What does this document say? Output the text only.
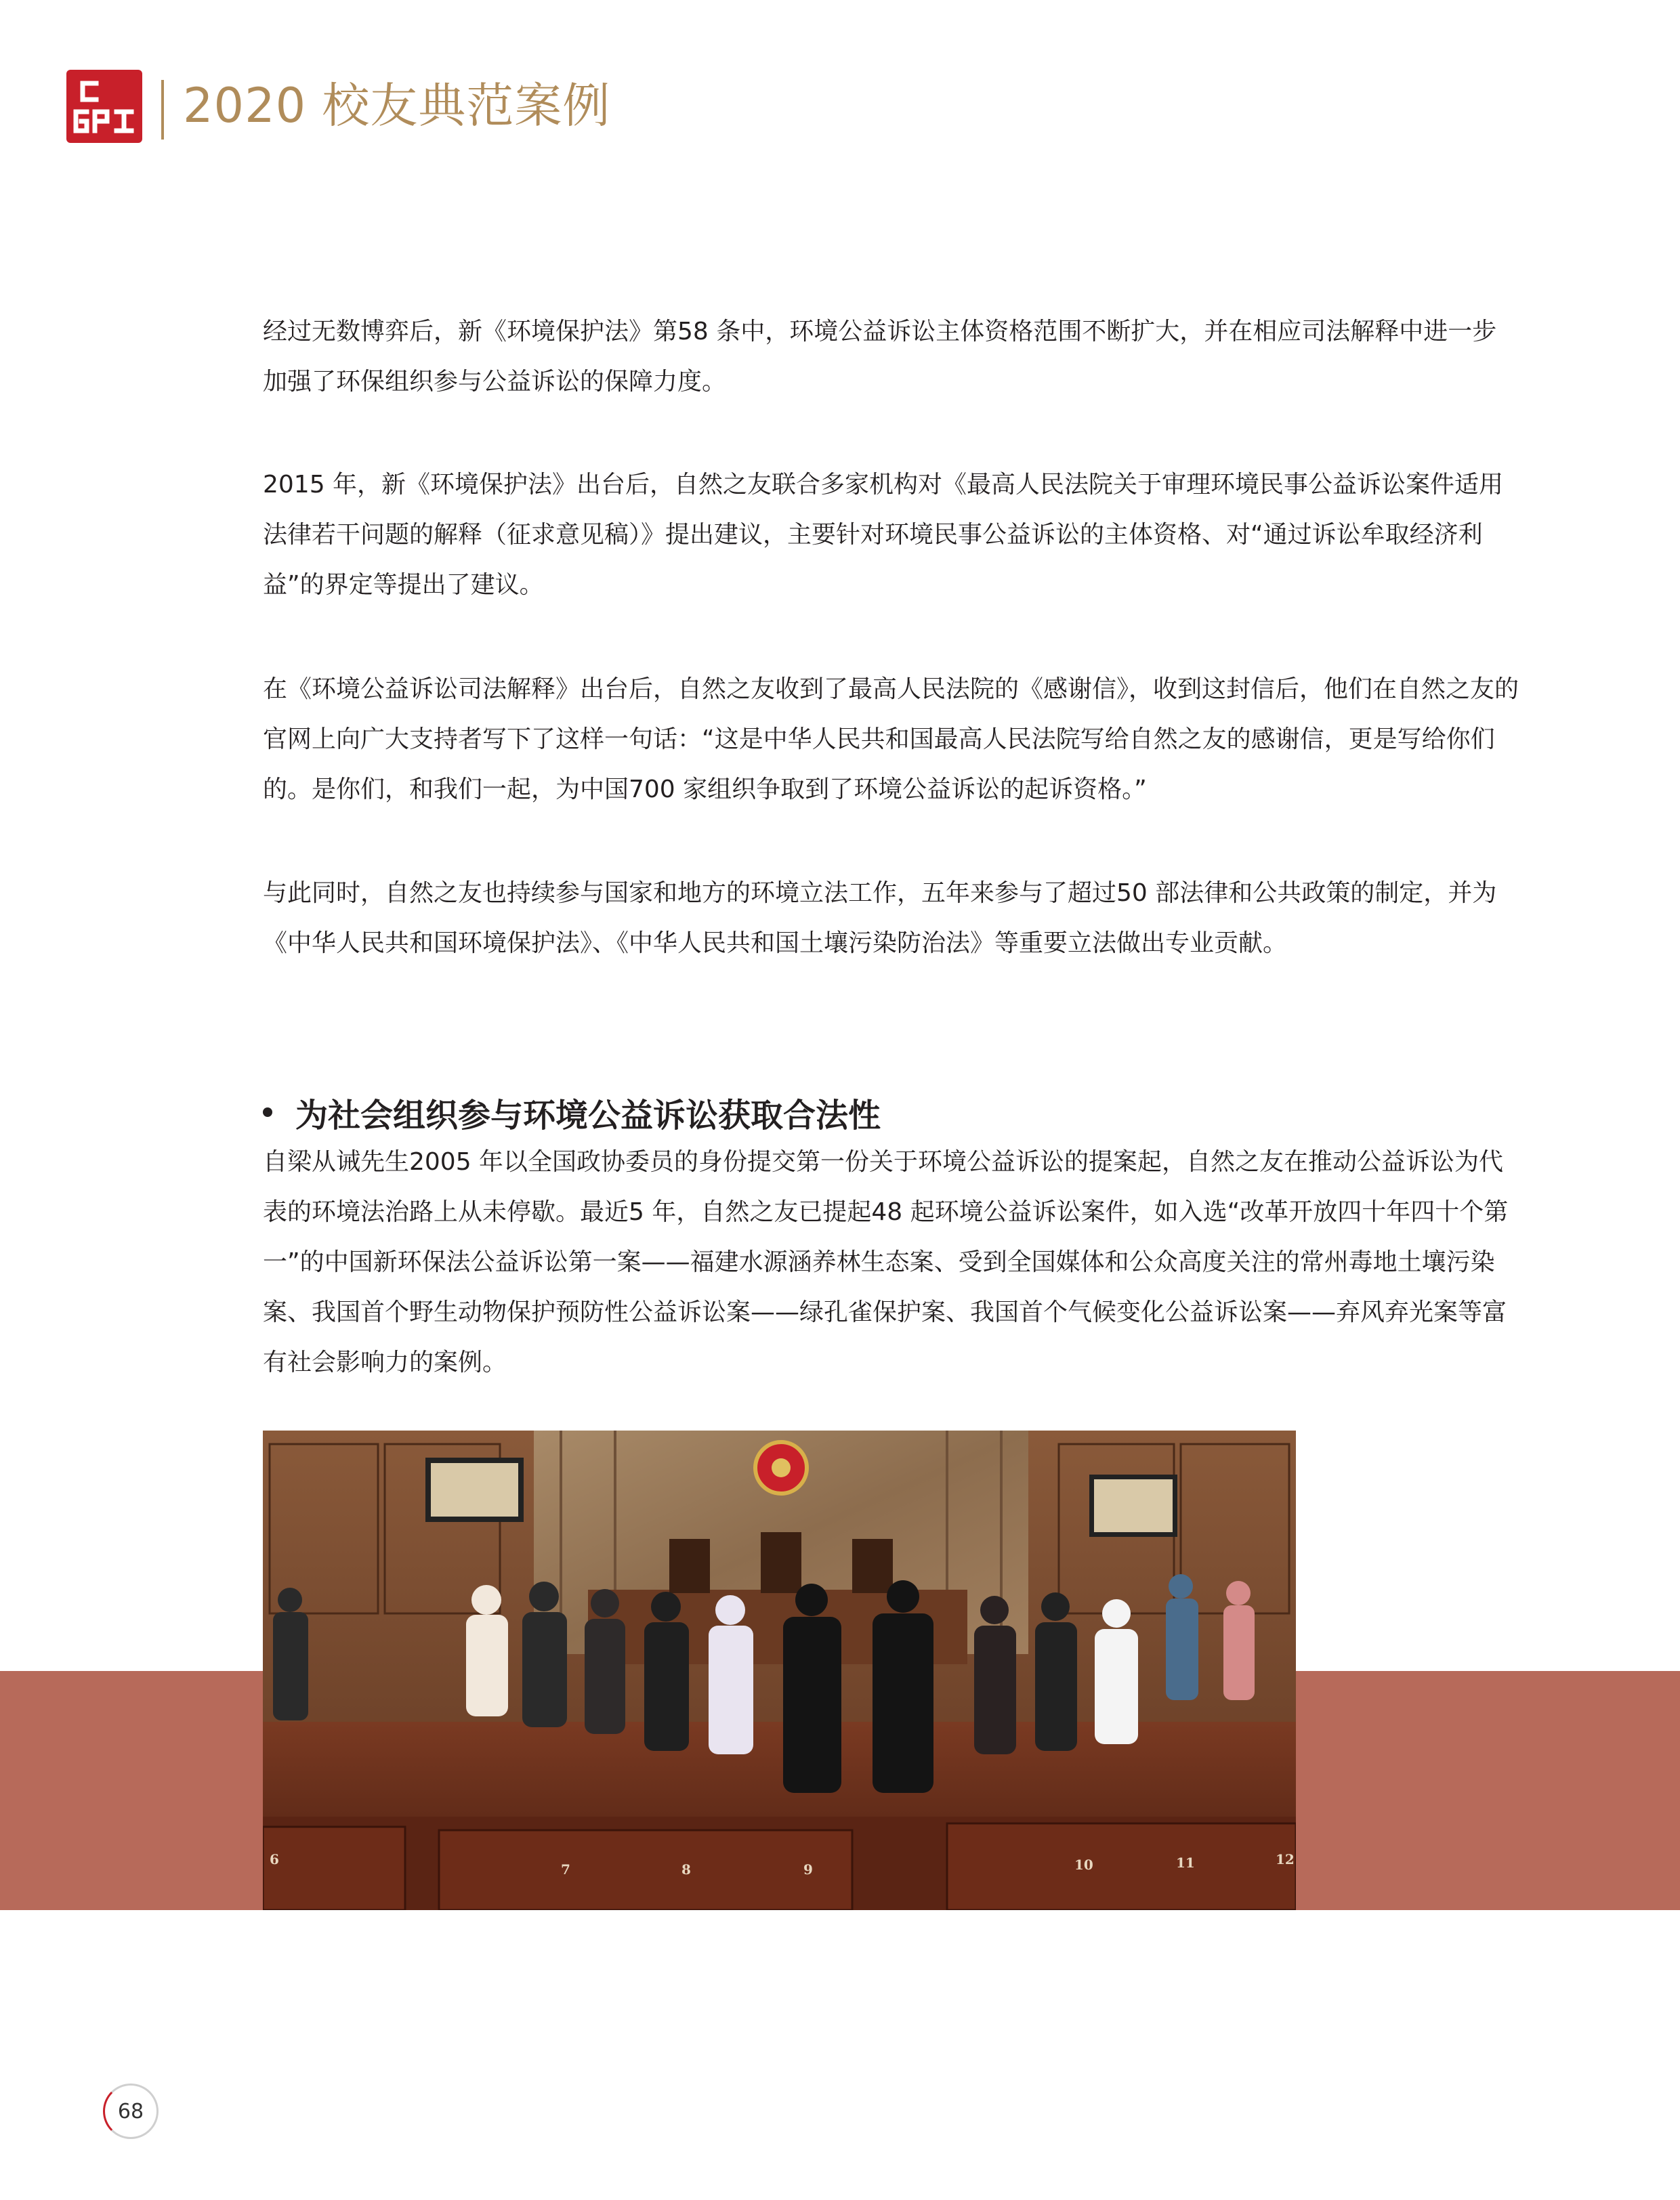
2020 校友典范案例

经过无数博弈后，新《环境保护法》第58 条中，环境公益诉讼主体资格范围不断扩大，并在相应司法解释中进一步加强了环保组织参与公益诉讼的保障力度。

2015 年，新《环境保护法》出台后，自然之友联合多家机构对《最高人民法院关于审理环境民事公益诉讼案件适用法律若干问题的解释（征求意见稿）》提出建议，主要针对环境民事公益诉讼的主体资格、对“通过诉讼牟取经济利益”的界定等提出了建议。

在《环境公益诉讼司法解释》出台后，自然之友收到了最高人民法院的《感谢信》，收到这封信后，他们在自然之友的官网上向广大支持者写下了这样一句话：“这是中华人民共和国最高人民法院写给自然之友的感谢信，更是写给你们的。是你们，和我们一起，为中国700 家组织争取到了环境公益诉讼的起诉资格。”

与此同时，自然之友也持续参与国家和地方的环境立法工作，五年来参与了超过50 部法律和公共政策的制定，并为《中华人民共和国环境保护法》、《中华人民共和国土壤污染防治法》等重要立法做出专业贡献。

为社会组织参与环境公益诉讼获取合法性

自梁从诫先生2005 年以全国政协委员的身份提交第一份关于环境公益诉讼的提案起，自然之友在推动公益诉讼为代表的环境法治路上从未停歇。最近5 年，自然之友已提起48 起环境公益诉讼案件，如入选“改革开放四十年四十个第一”的中国新环保法公益诉讼第一案——福建水源涵养林生态案、受到全国媒体和公众高度关注的常州毒地土壤污染案、我国首个野生动物保护预防性公益诉讼案——绿孔雀保护案、我国首个气候变化公益诉讼案——弃风弃光案等富有社会影响力的案例。

6
7	8	9	10	11	12
68
